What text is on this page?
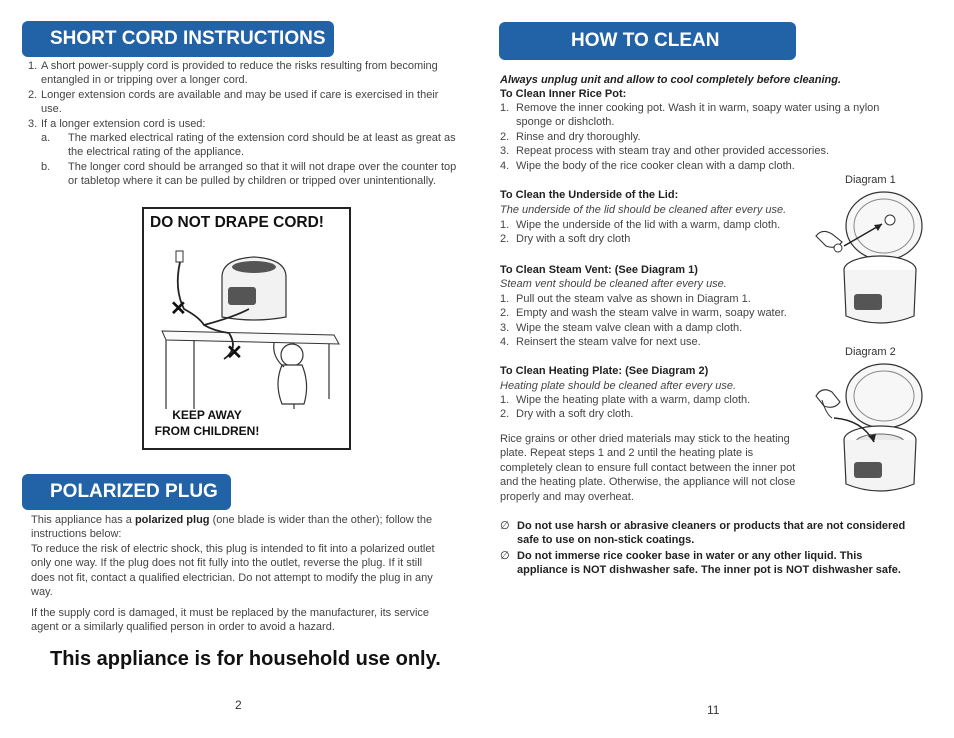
SHORT CORD INSTRUCTIONS
1. A short power-supply cord is provided to reduce the risks resulting from becoming entangled in or tripping over a longer cord.
2. Longer extension cords are available and may be used if care is exercised in their use.
3. If a longer extension cord is used:
a. The marked electrical rating of the extension cord should be at least as great as the electrical rating of the appliance.
b. The longer cord should be arranged so that it will not drape over the counter top or tabletop where it can be pulled by children or tripped over unintentionally.
DO NOT DRAPE CORD!
✕
✕
KEEP AWAY
FROM CHILDREN!
POLARIZED PLUG
This appliance has a polarized plug (one blade is wider than the other); follow the instructions below:
To reduce the risk of electric shock, this plug is intended to fit into a polarized outlet only one way. If the plug does not fit fully into the outlet, reverse the plug. If it still does not fit, contact a qualified electrician. Do not attempt to modify the plug in any way.
If the supply cord is damaged, it must be replaced by the manufacturer, its service agent or a similarly qualified person in order to avoid a hazard.
This appliance is for household use only.
2
HOW TO CLEAN
Always unplug unit and allow to cool completely before cleaning.
To Clean Inner Rice Pot:
1. Remove the inner cooking pot. Wash it in warm, soapy water using a nylon sponge or dishcloth.
2. Rinse and dry thoroughly.
3. Repeat process with steam tray and other provided accessories.
4. Wipe the body of the rice cooker clean with a damp cloth.
Diagram 1
To Clean the Underside of the Lid:
The underside of the lid should be cleaned after every use.
1. Wipe the underside of the lid with a warm, damp cloth.
2. Dry with a soft dry cloth
To Clean Steam Vent: (See Diagram 1)
Steam vent should be cleaned after every use.
1. Pull out the steam valve as shown in Diagram 1.
2. Empty and wash the steam valve in warm, soapy water.
3. Wipe the steam valve clean with a damp cloth.
4. Reinsert the steam valve for next use.
Diagram 2
To Clean Heating Plate: (See Diagram 2)
Heating plate should be cleaned after every use.
1. Wipe the heating plate with a warm, damp cloth.
2. Dry with a soft dry cloth.
Rice grains or other dried materials may stick to the heating plate. Repeat steps 1 and 2 until the heating plate is completely clean to ensure full contact between the inner pot and the heating plate. Otherwise, the appliance will not close properly and may overheat.
∅ Do not use harsh or abrasive cleaners or products that are not considered safe to use on non-stick coatings.
∅ Do not immerse rice cooker base in water or any other liquid. This appliance is NOT dishwasher safe. The inner pot is NOT dishwasher safe.
11
